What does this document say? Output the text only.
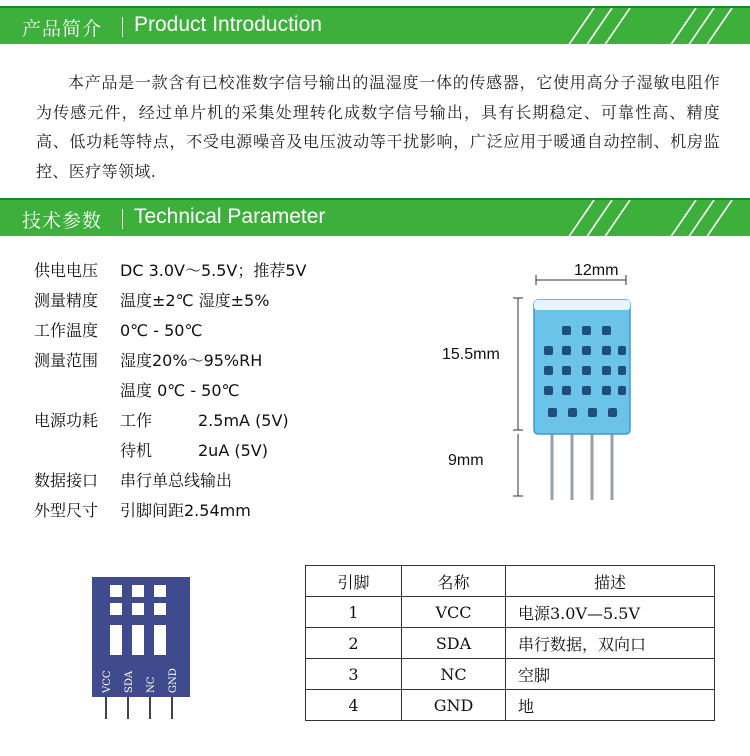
产品简介 Product Introduction

本产品是一款含有已校准数字信号输出的温湿度一体的传感器，它使用高分子湿敏电阻作为传感元件，经过单片机的采集处理转化成数字信号输出，具有长期稳定、可靠性高、精度高、低功耗等特点，不受电源噪音及电压波动等干扰影响，广泛应用于暖通自动控制、机房监控、医疗等领域.

技术参数 Technical Parameter
供电电压 DC 3.0V～5.5V；推荐5V
测量精度 温度±2℃ 湿度±5%
工作温度 0℃ - 50℃
测量范围 湿度20%～95%RH
温度 0℃ - 50℃
电源功耗 工作	2.5mA (5V)
待机	2uA (5V)
数据接口 串行单总线输出
外型尺寸 引脚间距2.54mm
12mm
15.5mm
9mm
VCC SDA NC GND
引脚	名称	描述
1	VCC	电源3.0V—5.5V
2	SDA	串行数据，双向口
3	NC	空脚
4	GND	地
